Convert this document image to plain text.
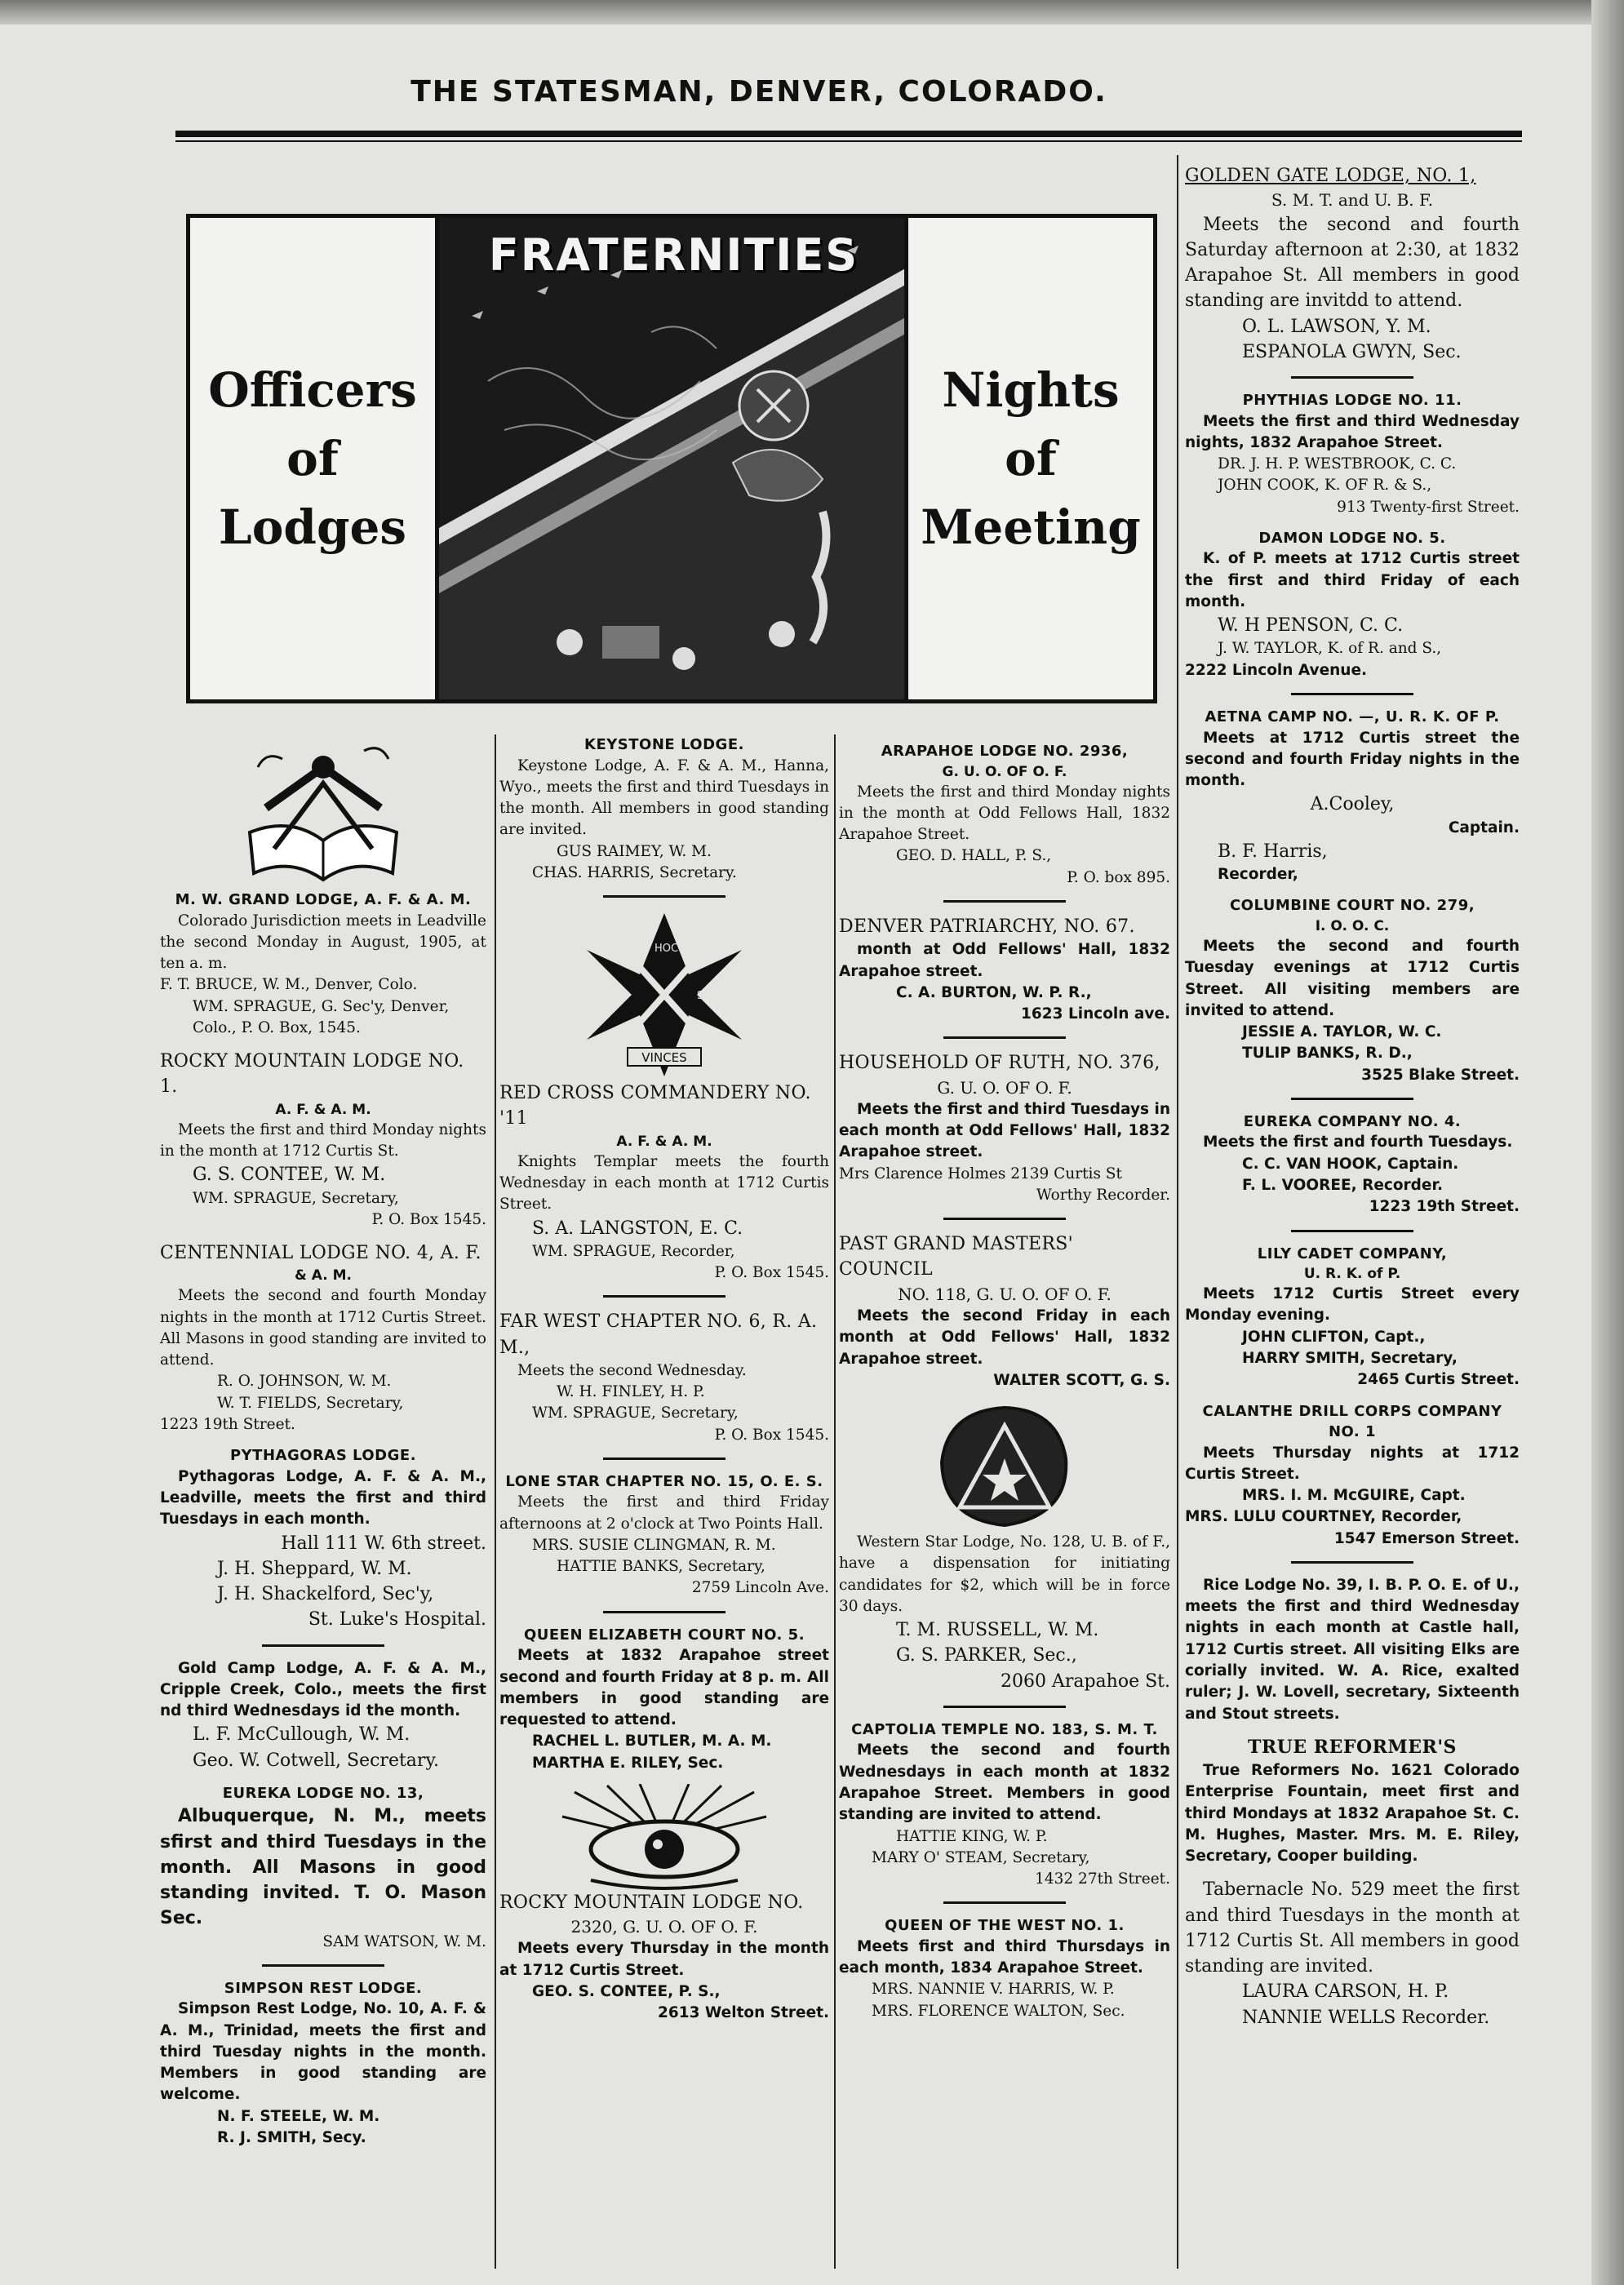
THE STATESMAN, DENVER, COLORADO.
Officers
of
Lodges
FRATERNITIES
Nights
of
Meeting
M. W. GRAND LODGE, A. F. & A. M.
Colorado Jurisdiction meets in Leadville the second Monday in August, 1905, at ten a. m.
F. T. BRUCE, W. M., Denver, Colo.
WM. SPRAGUE, G. Sec'y, Denver, Colo., P. O. Box, 1545.
ROCKY MOUNTAIN LODGE NO. 1.
A. F. & A. M.
Meets the first and third Monday nights in the month at 1712 Curtis St.
G. S. CONTEE, W. M.
WM. SPRAGUE, Secretary,
P. O. Box 1545.
CENTENNIAL LODGE NO. 4, A. F.
& A. M.
Meets the second and fourth Monday nights in the month at 1712 Curtis Street. All Masons in good standing are invited to attend.
R. O. JOHNSON, W. M.
W. T. FIELDS, Secretary,
1223 19th Street.
PYTHAGORAS LODGE.
Pythagoras Lodge, A. F. & A. M., Leadville, meets the first and third Tuesdays in each month.
Hall 111 W. 6th street.
J. H. Sheppard, W. M.
J. H. Shackelford, Sec'y,
St. Luke's Hospital.
Gold Camp Lodge, A. F. & A. M., Cripple Creek, Colo., meets the first nd third Wednesdays id the month.
L. F. McCullough, W. M.
Geo. W. Cotwell, Secretary.
EUREKA LODGE NO. 13,
Albuquerque, N. M., meets sfirst and third Tuesdays in the month. All Masons in good standing invited. T. O. Mason Sec.
SAM WATSON, W. M.
SIMPSON REST LODGE.
Simpson Rest Lodge, No. 10, A. F. & A. M., Trinidad, meets the first and third Tuesday nights in the month. Members in good standing are welcome.
N. F. STEELE, W. M.
R. J. SMITH, Secy.
KEYSTONE LODGE.
Keystone Lodge, A. F. & A. M., Hanna, Wyo., meets the first and third Tuesdays in the month. All members in good standing are invited.
GUS RAIMEY, W. M.
CHAS. HARRIS, Secretary.
VINCES
IN
HOC
SIGNO
RED CROSS COMMANDERY NO. '11
A. F. & A. M.
Knights Templar meets the fourth Wednesday in each month at 1712 Curtis Street.
S. A. LANGSTON, E. C.
WM. SPRAGUE, Recorder,
P. O. Box 1545.
FAR WEST CHAPTER NO. 6, R. A. M.,
Meets the second Wednesday.
W. H. FINLEY, H. P.
WM. SPRAGUE, Secretary,
P. O. Box 1545.
LONE STAR CHAPTER NO. 15, O. E. S.
Meets the first and third Friday afternoons at 2 o'clock at Two Points Hall.
MRS. SUSIE CLINGMAN, R. M.
HATTIE BANKS, Secretary,
2759 Lincoln Ave.
QUEEN ELIZABETH COURT NO. 5.
Meets at 1832 Arapahoe street second and fourth Friday at 8 p. m. All members in good standing are requested to attend.
RACHEL L. BUTLER, M. A. M.
MARTHA E. RILEY, Sec.
ROCKY MOUNTAIN LODGE NO.
2320, G. U. O. OF O. F.
Meets every Thursday in the month at 1712 Curtis Street.
GEO. S. CONTEE, P. S.,
2613 Welton Street.
ARAPAHOE LODGE NO. 2936,
G. U. O. OF O. F.
Meets the first and third Monday nights in the month at Odd Fellows Hall, 1832 Arapahoe Street.
GEO. D. HALL, P. S.,
P. O. box 895.
DENVER PATRIARCHY, NO. 67.
month at Odd Fellows' Hall, 1832 Arapahoe street.
C. A. BURTON, W. P. R.,
1623 Lincoln ave.
HOUSEHOLD OF RUTH, NO. 376,
G. U. O. OF O. F.
Meets the first and third Tuesdays in each month at Odd Fellows' Hall, 1832 Arapahoe street.
Mrs Clarence Holmes 2139 Curtis St
Worthy Recorder.
PAST GRAND MASTERS' COUNCIL
NO. 118, G. U. O. OF O. F.
Meets the second Friday in each month at Odd Fellows' Hall, 1832 Arapahoe street.
WALTER SCOTT, G. S.
Western Star Lodge, No. 128, U. B. of F., have a dispensation for initiating candidates for $2, which will be in force 30 days.
T. M. RUSSELL, W. M.
G. S. PARKER, Sec.,
2060 Arapahoe St.
CAPTOLIA TEMPLE NO. 183, S. M. T.
Meets the second and fourth Wednesdays in each month at 1832 Arapahoe Street. Members in good standing are invited to attend.
HATTIE KING, W. P.
MARY O' STEAM, Secretary,
1432 27th Street.
QUEEN OF THE WEST NO. 1.
Meets first and third Thursdays in each month, 1834 Arapahoe Street.
MRS. NANNIE V. HARRIS, W. P.
MRS. FLORENCE WALTON, Sec.
GOLDEN GATE LODGE, NO. 1,
S. M. T. and U. B. F.
Meets the second and fourth Saturday afternoon at 2:30, at 1832 Arapahoe St. All members in good standing are invitdd to attend.
O. L. LAWSON, Y. M.
ESPANOLA GWYN, Sec.
PHYTHIAS LODGE NO. 11.
Meets the first and third Wednesday nights, 1832 Arapahoe Street.
DR. J. H. P. WESTBROOK, C. C.
JOHN COOK, K. OF R. & S.,
913 Twenty-first Street.
DAMON LODGE NO. 5.
K. of P. meets at 1712 Curtis street the first and third Friday of each month.
W. H PENSON, C. C.
J. W. TAYLOR, K. of R. and S.,
2222 Lincoln Avenue.
AETNA CAMP NO. —, U. R. K. OF P.
Meets at 1712 Curtis street the second and fourth Friday nights in the month.
A.Cooley,
Captain.
B. F. Harris,
Recorder,
COLUMBINE COURT NO. 279,
I. O. O. C.
Meets the second and fourth Tuesday evenings at 1712 Curtis Street. All visiting members are invited to attend.
JESSIE A. TAYLOR, W. C.
TULIP BANKS, R. D.,
3525 Blake Street.
EUREKA COMPANY NO. 4.
Meets the first and fourth Tuesdays.
C. C. VAN HOOK, Captain.
F. L. VOOREE, Recorder.
1223 19th Street.
LILY CADET COMPANY,
U. R. K. of P.
Meets 1712 Curtis Street every Monday evening.
JOHN CLIFTON, Capt.,
HARRY SMITH, Secretary,
2465 Curtis Street.
CALANTHE DRILL CORPS COMPANY NO. 1
Meets Thursday nights at 1712 Curtis Street.
MRS. I. M. McGUIRE, Capt.
MRS. LULU COURTNEY, Recorder,
1547 Emerson Street.
Rice Lodge No. 39, I. B. P. O. E. of U., meets the first and third Wednesday nights in each month at Castle hall, 1712 Curtis street. All visiting Elks are corially invited. W. A. Rice, exalted ruler; J. W. Lovell, secretary, Sixteenth and Stout streets.
TRUE REFORMER'S
True Reformers No. 1621 Colorado Enterprise Fountain, meet first and third Mondays at 1832 Arapahoe St. C. M. Hughes, Master. Mrs. M. E. Riley, Secretary, Cooper building.
Tabernacle No. 529 meet the first and third Tuesdays in the month at 1712 Curtis St. All members in good standing are invited.
LAURA CARSON, H. P.
NANNIE WELLS Recorder.
